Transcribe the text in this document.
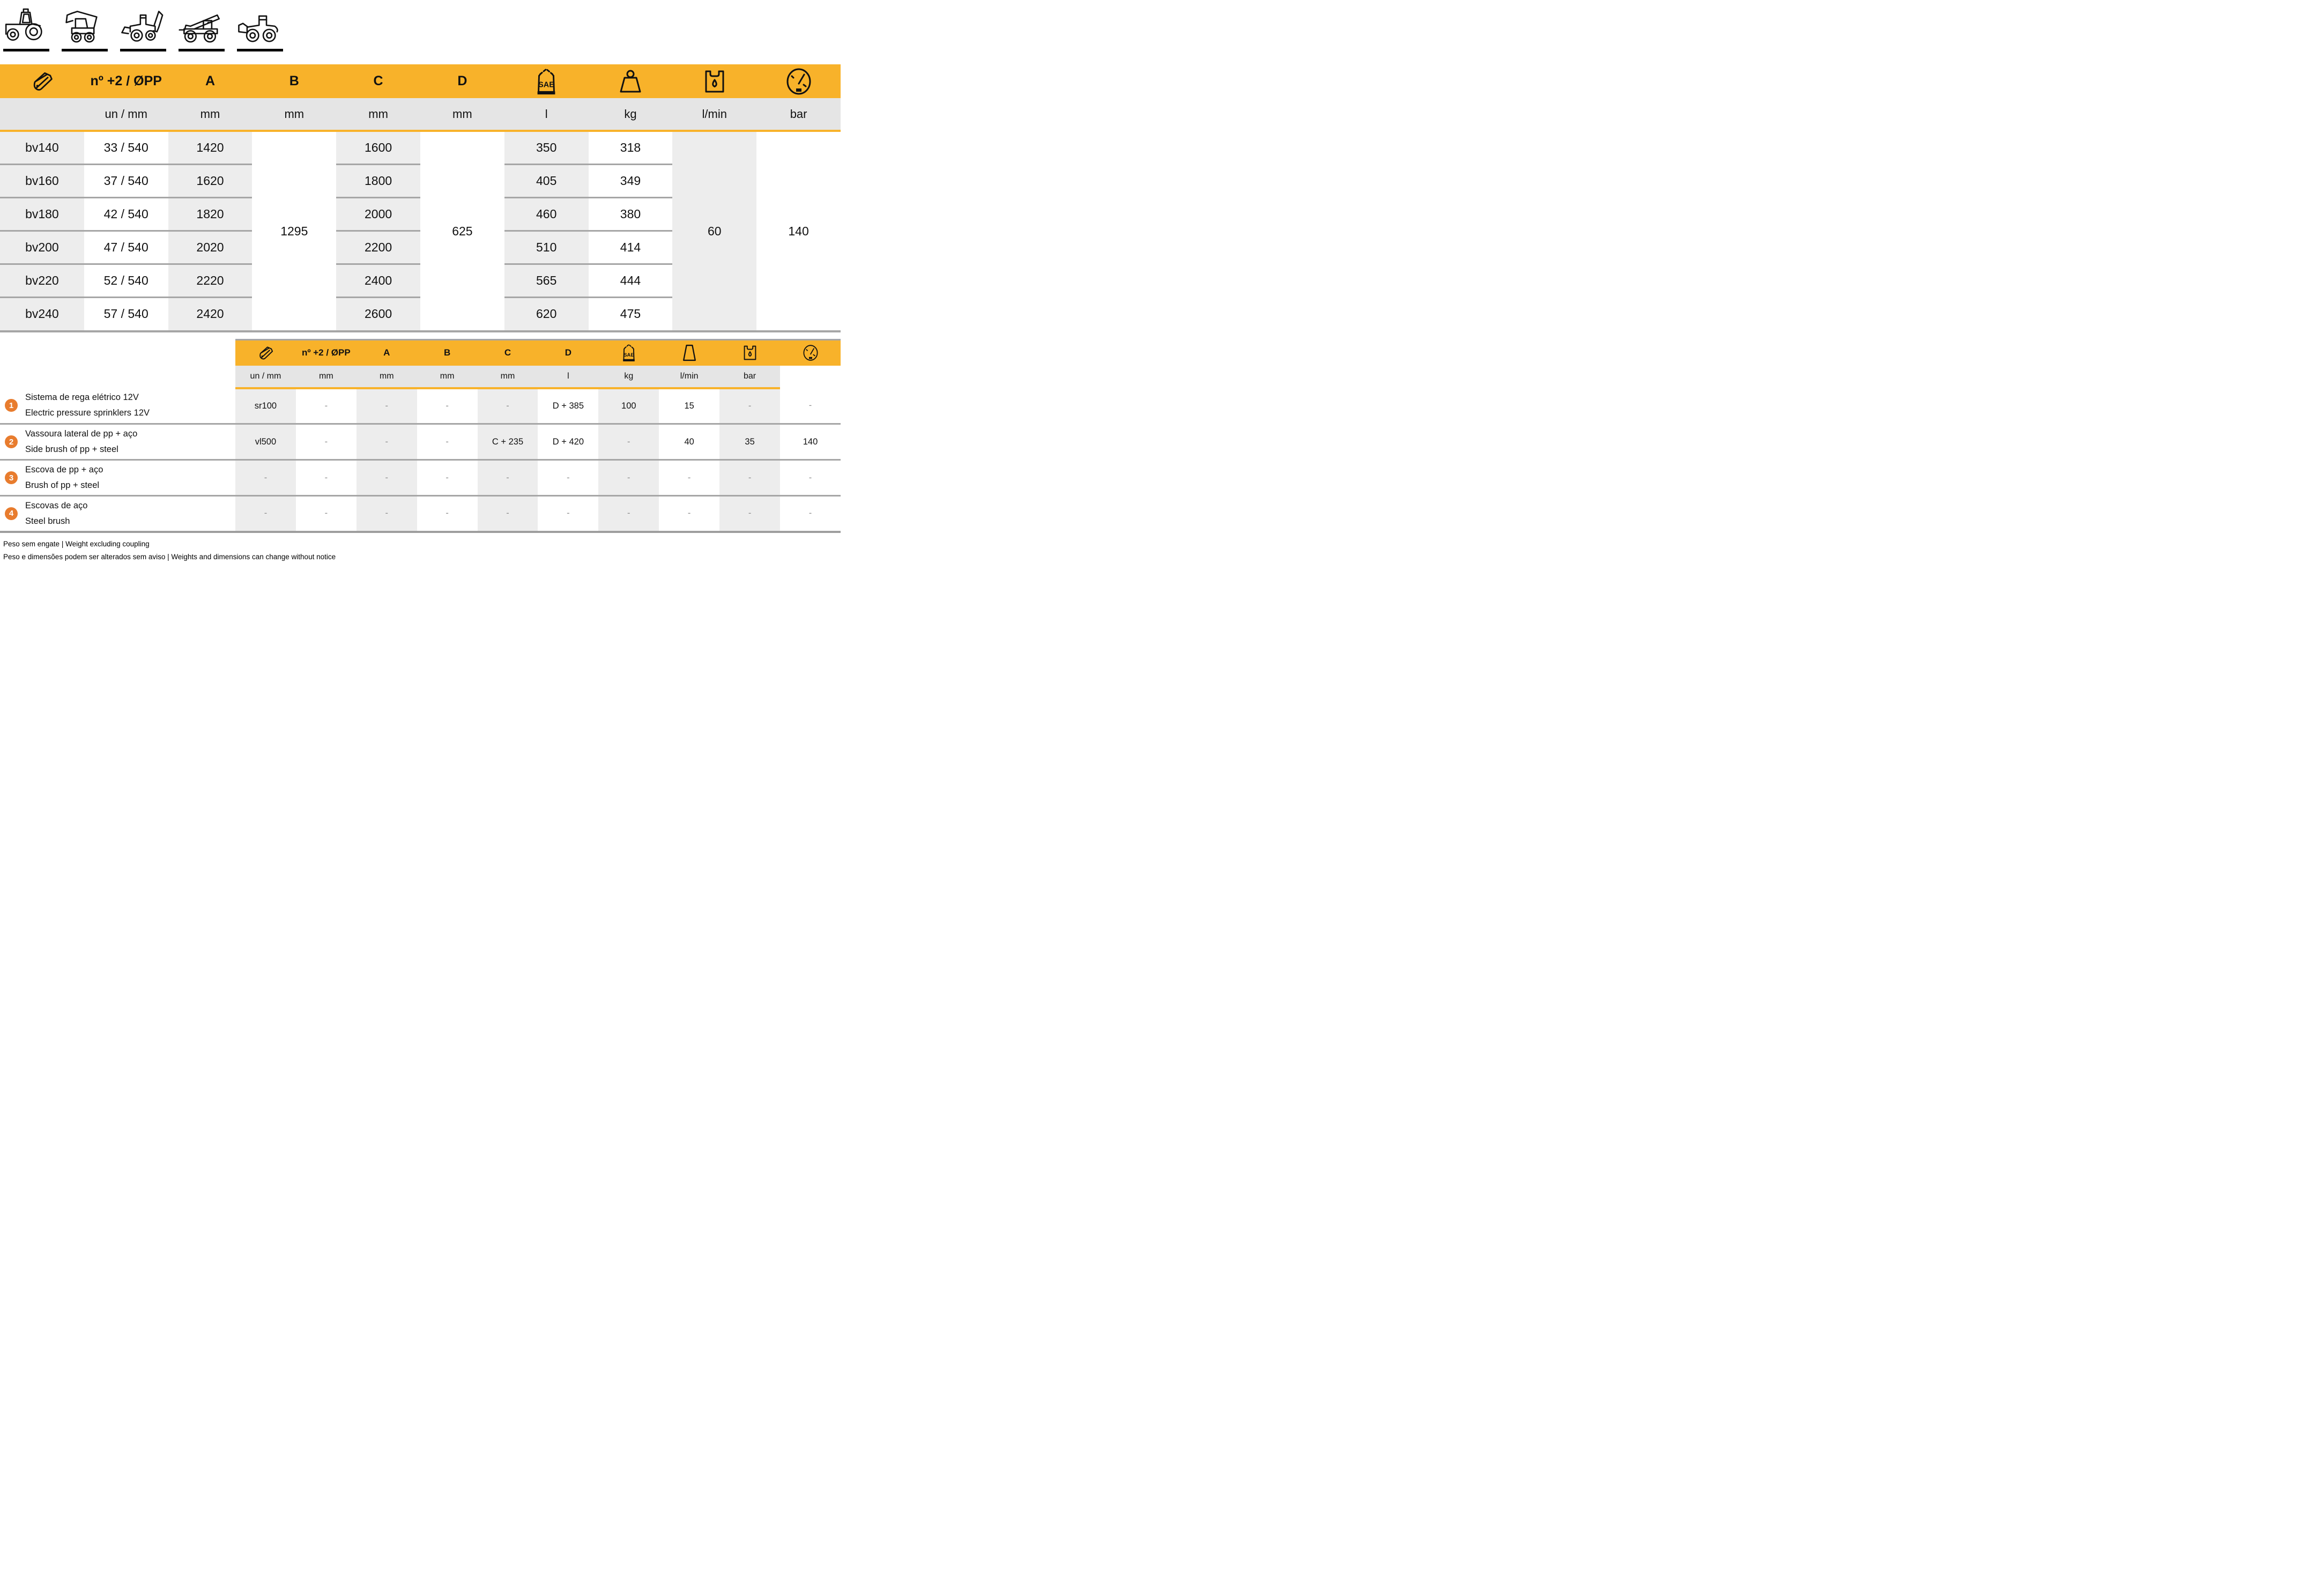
	nº +2 / ØPP	A	B	C	D				
	un / mm	mm	mm	mm	mm	l	kg	l/min	bar
bv140	33 / 540	1420	1295	1600	625	350	318	60	140
bv160	37 / 540	1620		1800		405	349		
bv180	42 / 540	1820		2000		460	380		
bv200	47 / 540	2020		2200		510	414		
bv220	52 / 540	2220		2400		565	444		
bv240	57 / 540	2420		2600		620	475		
		nº +2 / ØPP	A	B	C	D				
	un / mm	mm	mm	mm	mm	l	kg	l/min	bar	

1
Sistema de rega elétrico 12V
Electric pressure sprinklers 12V	sr100	-	-	-	-	D + 385	100	15	-	-

2
Vassoura lateral de pp + aço
Side brush of pp + steel	vl500	-	-	-	C + 235	D + 420	-	40	35	140

3
Escova de pp + aço
Brush of pp + steel	-	-	-	-	-	-	-	-	-	-

4
Escovas de aço
Steel brush	-	-	-	-	-	-	-	-	-	-
Peso sem engate | Weight excluding coupling
Peso e dimensões podem ser alterados sem aviso | Weights and dimensions can change without notice
